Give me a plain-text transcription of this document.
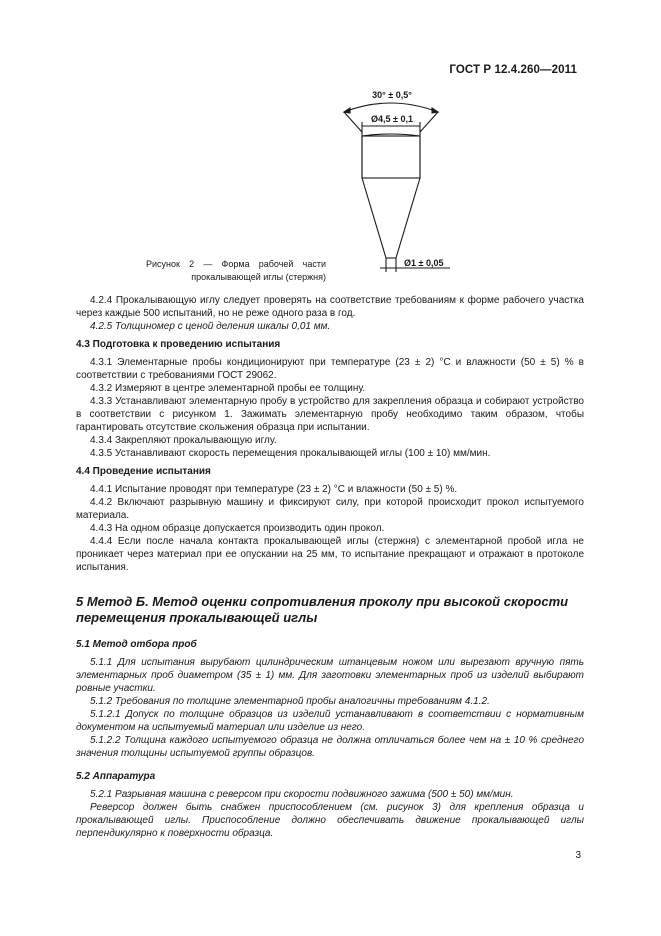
ГОСТ Р 12.4.260—2011
30° ± 0,5°
Ø4,5 ± 0,1
Ø1 ± 0,05
Рисунок 2 — Форма рабочей части
прокалывающей иглы (стержня)

4.2.4 Прокалывающую иглу следует проверять на соответствие требованиям к форме рабочего участка через каждые 500 испытаний, но не реже одного раза в год.

4.2.5 Толщиномер с ценой деления шкалы 0,01 мм.

4.3 Подготовка к проведению испытания

4.3.1 Элементарные пробы кондиционируют при температуре (23 ± 2) °С и влажности (50 ± 5) % в соответствии с требованиями ГОСТ 29062.

4.3.2 Измеряют в центре элементарной пробы ее толщину.

4.3.3 Устанавливают элементарную пробу в устройство для закрепления образца и собирают устройство в соответствии с рисунком 1. Зажимать элементарную пробу необходимо таким образом, чтобы гарантировать отсутствие скольжения образца при испытании.

4.3.4 Закрепляют прокалывающую иглу.

4.3.5 Устанавливают скорость перемещения прокалывающей иглы (100 ± 10) мм/мин.

4.4 Проведение испытания

4.4.1 Испытание проводят при температуре (23 ± 2) °С и влажности (50 ± 5) %.

4.4.2 Включают разрывную машину и фиксируют силу, при которой происходит прокол испытуемого материала.

4.4.3 На одном образце допускается производить один прокол.

4.4.4 Если после начала контакта прокалывающей иглы (стержня) с элементарной пробой игла не проникает через материал при ее опускании на 25 мм, то испытание прекращают и отражают в протоколе испытания.

5 Метод Б. Метод оценки сопротивления проколу при высокой скорости перемещения прокалывающей иглы

5.1 Метод отбора проб

5.1.1 Для испытания вырубают цилиндрическим штанцевым ножом или вырезают вручную пять элементарных проб диаметром (35 ± 1) мм. Для заготовки элементарных проб из изделий выбирают ровные участки.

5.1.2 Требования по толщине элементарной пробы аналогичны требованиям 4.1.2.

5.1.2.1 Допуск по толщине образцов из изделий устанавливают в соответствии с нормативным документом на испытуемый материал или изделие из него.

5.1.2.2 Толщина каждого испытуемого образца не должна отличаться более чем на ± 10 % среднего значения толщины испытуемой группы образцов.

5.2 Аппаратура

5.2.1 Разрывная машина с реверсом при скорости подвижного зажима (500 ± 50) мм/мин.

Реверсор должен быть снабжен приспособлением (см. рисунок 3) для крепления образца и прокалывающей иглы. Приспособление должно обеспечивать движение прокалывающей иглы перпендикулярно к поверхности образца.

3
